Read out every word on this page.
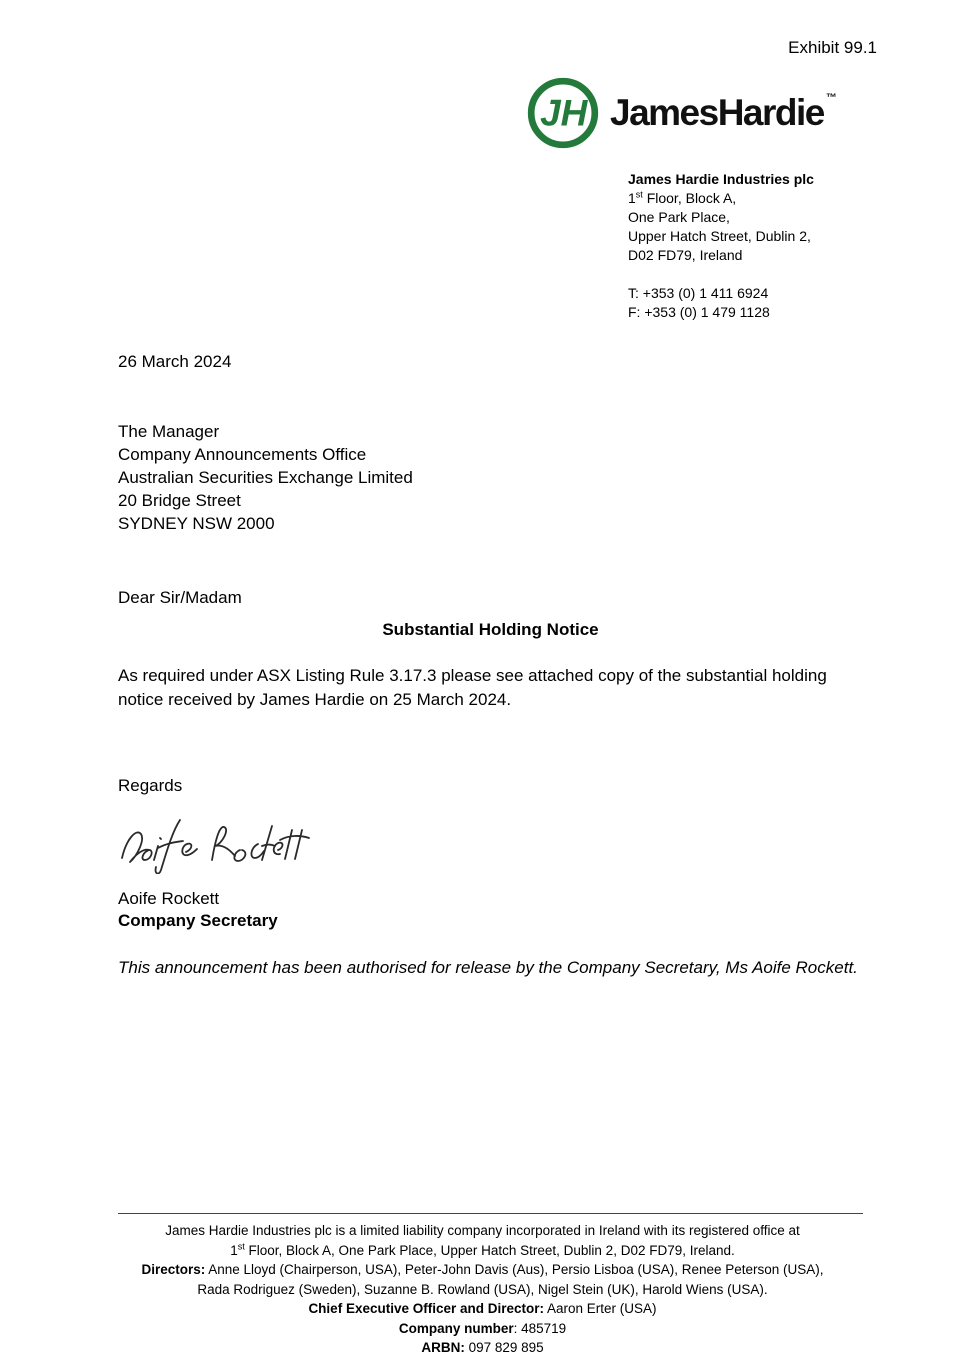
Exhibit 99.1
JH JamesHardie ™
James Hardie Industries plc
1st Floor, Block A,
One Park Place,
Upper Hatch Street, Dublin 2,
D02 FD79, Ireland
T: +353 (0) 1 411 6924
F: +353 (0) 1 479 1128
26 March 2024
The Manager
Company Announcements Office
Australian Securities Exchange Limited
20 Bridge Street
SYDNEY NSW 2000
Dear Sir/Madam
Substantial Holding Notice
As required under ASX Listing Rule 3.17.3 please see attached copy of the substantial holding notice received by James Hardie on 25 March 2024.
Regards
Aoife Rockett
Company Secretary
This announcement has been authorised for release by the Company Secretary, Ms Aoife Rockett.
James Hardie Industries plc is a limited liability company incorporated in Ireland with its registered office at
1st Floor, Block A, One Park Place, Upper Hatch Street, Dublin 2, D02 FD79, Ireland.
Directors: Anne Lloyd (Chairperson, USA), Peter-John Davis (Aus), Persio Lisboa (USA), Renee Peterson (USA),
Rada Rodriguez (Sweden), Suzanne B. Rowland (USA), Nigel Stein (UK), Harold Wiens (USA).
Chief Executive Officer and Director: Aaron Erter (USA)
Company number: 485719
ARBN: 097 829 895
